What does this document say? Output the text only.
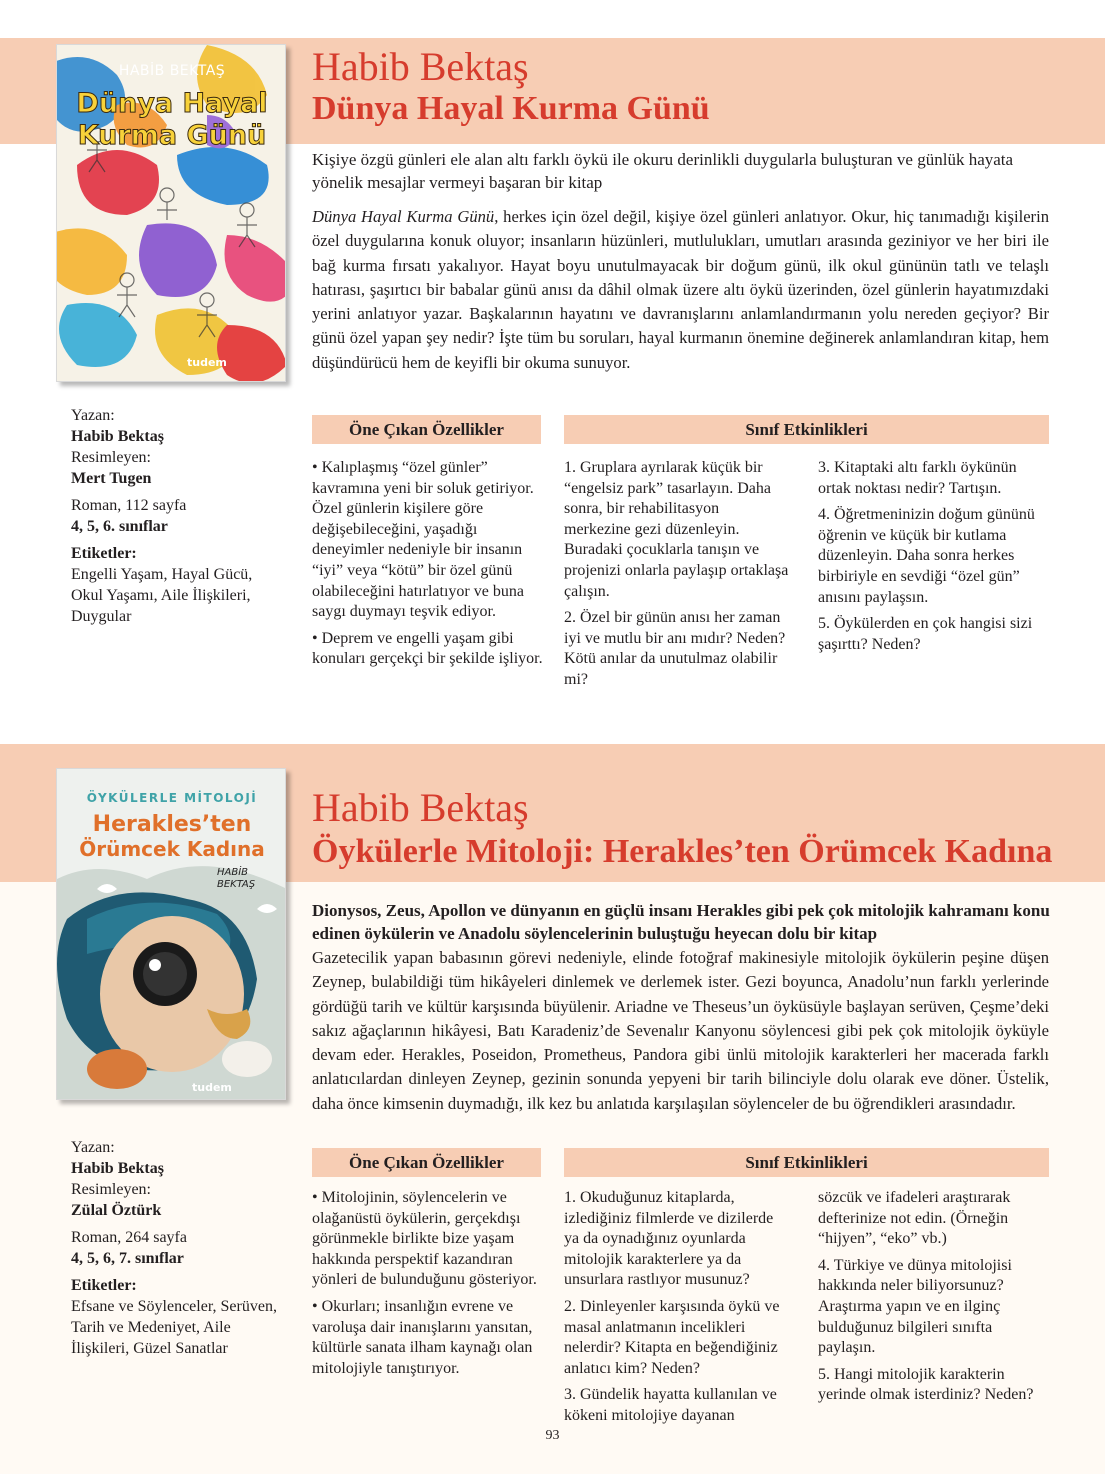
HABİB BEKTAŞ
Dünya Hayal
Kurma Günü
tudem
Habib Bektaş
Dünya Hayal Kurma Günü
Kişiye özgü günleri ele alan altı farklı öykü ile okuru derinlikli duygularla buluşturan ve günlük hayata yönelik mesajlar vermeyi başaran bir kitap
Dünya Hayal Kurma Günü, herkes için özel değil, kişiye özel günleri anlatıyor. Okur, hiç tanımadığı kişilerin özel duygularına konuk oluyor; insanların hüzünleri, mutlulukları, umutları arasında geziniyor ve her biri ile bağ kurma fırsatı yakalıyor. Hayat boyu unutulmayacak bir doğum günü, ilk okul gününün tatlı ve telaşlı hatırası, şaşırtıcı bir babalar günü anısı da dâhil olmak üzere altı öykü üzerinden, özel günlerin hayatımızdaki yerini anlatıyor yazar. Başkalarının hayatını ve davranışlarını anlamlandırmanın yolu nereden geçiyor? Bir günü özel yapan şey nedir? İşte tüm bu soruları, hayal kurmanın önemine değinerek anlamlandıran kitap, hem düşündürücü hem de keyifli bir okuma sunuyor.
Yazan:
Habib Bektaş
Resimleyen:
Mert Tugen
Roman, 112 sayfa
4, 5, 6. sınıflar
Etiketler:
Engelli Yaşam, Hayal Gücü, Okul Yaşamı, Aile İlişkileri, Duygular
Öne Çıkan Özellikler	Sınıf Etkinlikleri

• Kalıplaşmış “özel günler” kavramına yeni bir soluk getiriyor. Özel günlerin kişilere göre değişebileceğini, yaşadığı deneyimler nedeniyle bir insanın “iyi” veya “kötü” bir özel günü olabileceğini hatırlatıyor ve buna saygı duymayı teşvik ediyor.

• Deprem ve engelli yaşam gibi konuları gerçekçi bir şekilde işliyor.

1. Gruplara ayrılarak küçük bir “engelsiz park” tasarlayın. Daha sonra, bir rehabilitasyon merkezine gezi düzenleyin. Buradaki çocuklarla tanışın ve projenizi onlarla paylaşıp ortaklaşa çalışın.

2. Özel bir günün anısı her zaman iyi ve mutlu bir anı mıdır? Neden? Kötü anılar da unutulmaz olabilir mi?

3. Kitaptaki altı farklı öykünün ortak noktası nedir? Tartışın.

4. Öğretmeninizin doğum gününü öğrenin ve küçük bir kutlama düzenleyin. Daha sonra herkes birbiriyle en sevdiği “özel gün” anısını paylaşsın.

5. Öykülerden en çok hangisi sizi şaşırttı? Neden?

ÖYKÜLERLE MİTOLOJİ
Herakles’ten
Örümcek Kadına
HABİB BEKTAŞ
tudem
Habib Bektaş
Öykülerle Mitoloji: Herakles’ten Örümcek Kadına
Dionysos, Zeus, Apollon ve dünyanın en güçlü insanı Herakles gibi pek çok mitolojik kahramanı konu edinen öykülerin ve Anadolu söylencelerinin buluştuğu heyecan dolu bir kitap
Gazetecilik yapan babasının görevi nedeniyle, elinde fotoğraf makinesiyle mitolojik öykülerin peşine düşen Zeynep, bulabildiği tüm hikâyeleri dinlemek ve derlemek ister. Gezi boyunca, Anadolu’nun farklı yerlerinde gördüğü tarih ve kültür karşısında büyülenir. Ariadne ve Theseus’un öyküsüyle başlayan serüven, Çeşme’deki sakız ağaçlarının hikâyesi, Batı Karadeniz’de Sevenalır Kanyonu söylencesi gibi pek çok mitolojik öyküyle devam eder. Herakles, Poseidon, Prometheus, Pandora gibi ünlü mitolojik karakterleri her macerada farklı anlatıcılardan dinleyen Zeynep, gezinin sonunda yepyeni bir tarih bilinciyle dolu olarak eve döner. Üstelik, daha önce kimsenin duymadığı, ilk kez bu anlatıda karşılaşılan söylenceler de bu öğrendikleri arasındadır.
Yazan:
Habib Bektaş
Resimleyen:
Zülal Öztürk
Roman, 264 sayfa
4, 5, 6, 7. sınıflar
Etiketler:
Efsane ve Söylenceler, Serüven, Tarih ve Medeniyet, Aile İlişkileri, Güzel Sanatlar
Öne Çıkan Özellikler	Sınıf Etkinlikleri

• Mitolojinin, söylencelerin ve olağanüstü öykülerin, gerçekdışı görünmekle birlikte bize yaşam hakkında perspektif kazandıran yönleri de bulunduğunu gösteriyor.

• Okurları; insanlığın evrene ve varoluşa dair inanışlarını yansıtan, kültürle sanata ilham kaynağı olan mitolojiyle tanıştırıyor.

1. Okuduğunuz kitaplarda, izlediğiniz filmlerde ve dizilerde ya da oynadığınız oyunlarda mitolojik karakterlere ya da unsurlara rastlıyor musunuz?

2. Dinleyenler karşısında öykü ve masal anlatmanın incelikleri nelerdir? Kitapta en beğendiğiniz anlatıcı kim? Neden?

3. Gündelik hayatta kullanılan ve kökeni mitolojiye dayanan

sözcük ve ifadeleri araştırarak defterinize not edin. (Örneğin “hijyen”, “eko” vb.)

4. Türkiye ve dünya mitolojisi hakkında neler biliyorsunuz? Araştırma yapın ve en ilginç bulduğunuz bilgileri sınıfta paylaşın.

5. Hangi mitolojik karakterin yerinde olmak isterdiniz? Neden?

93
